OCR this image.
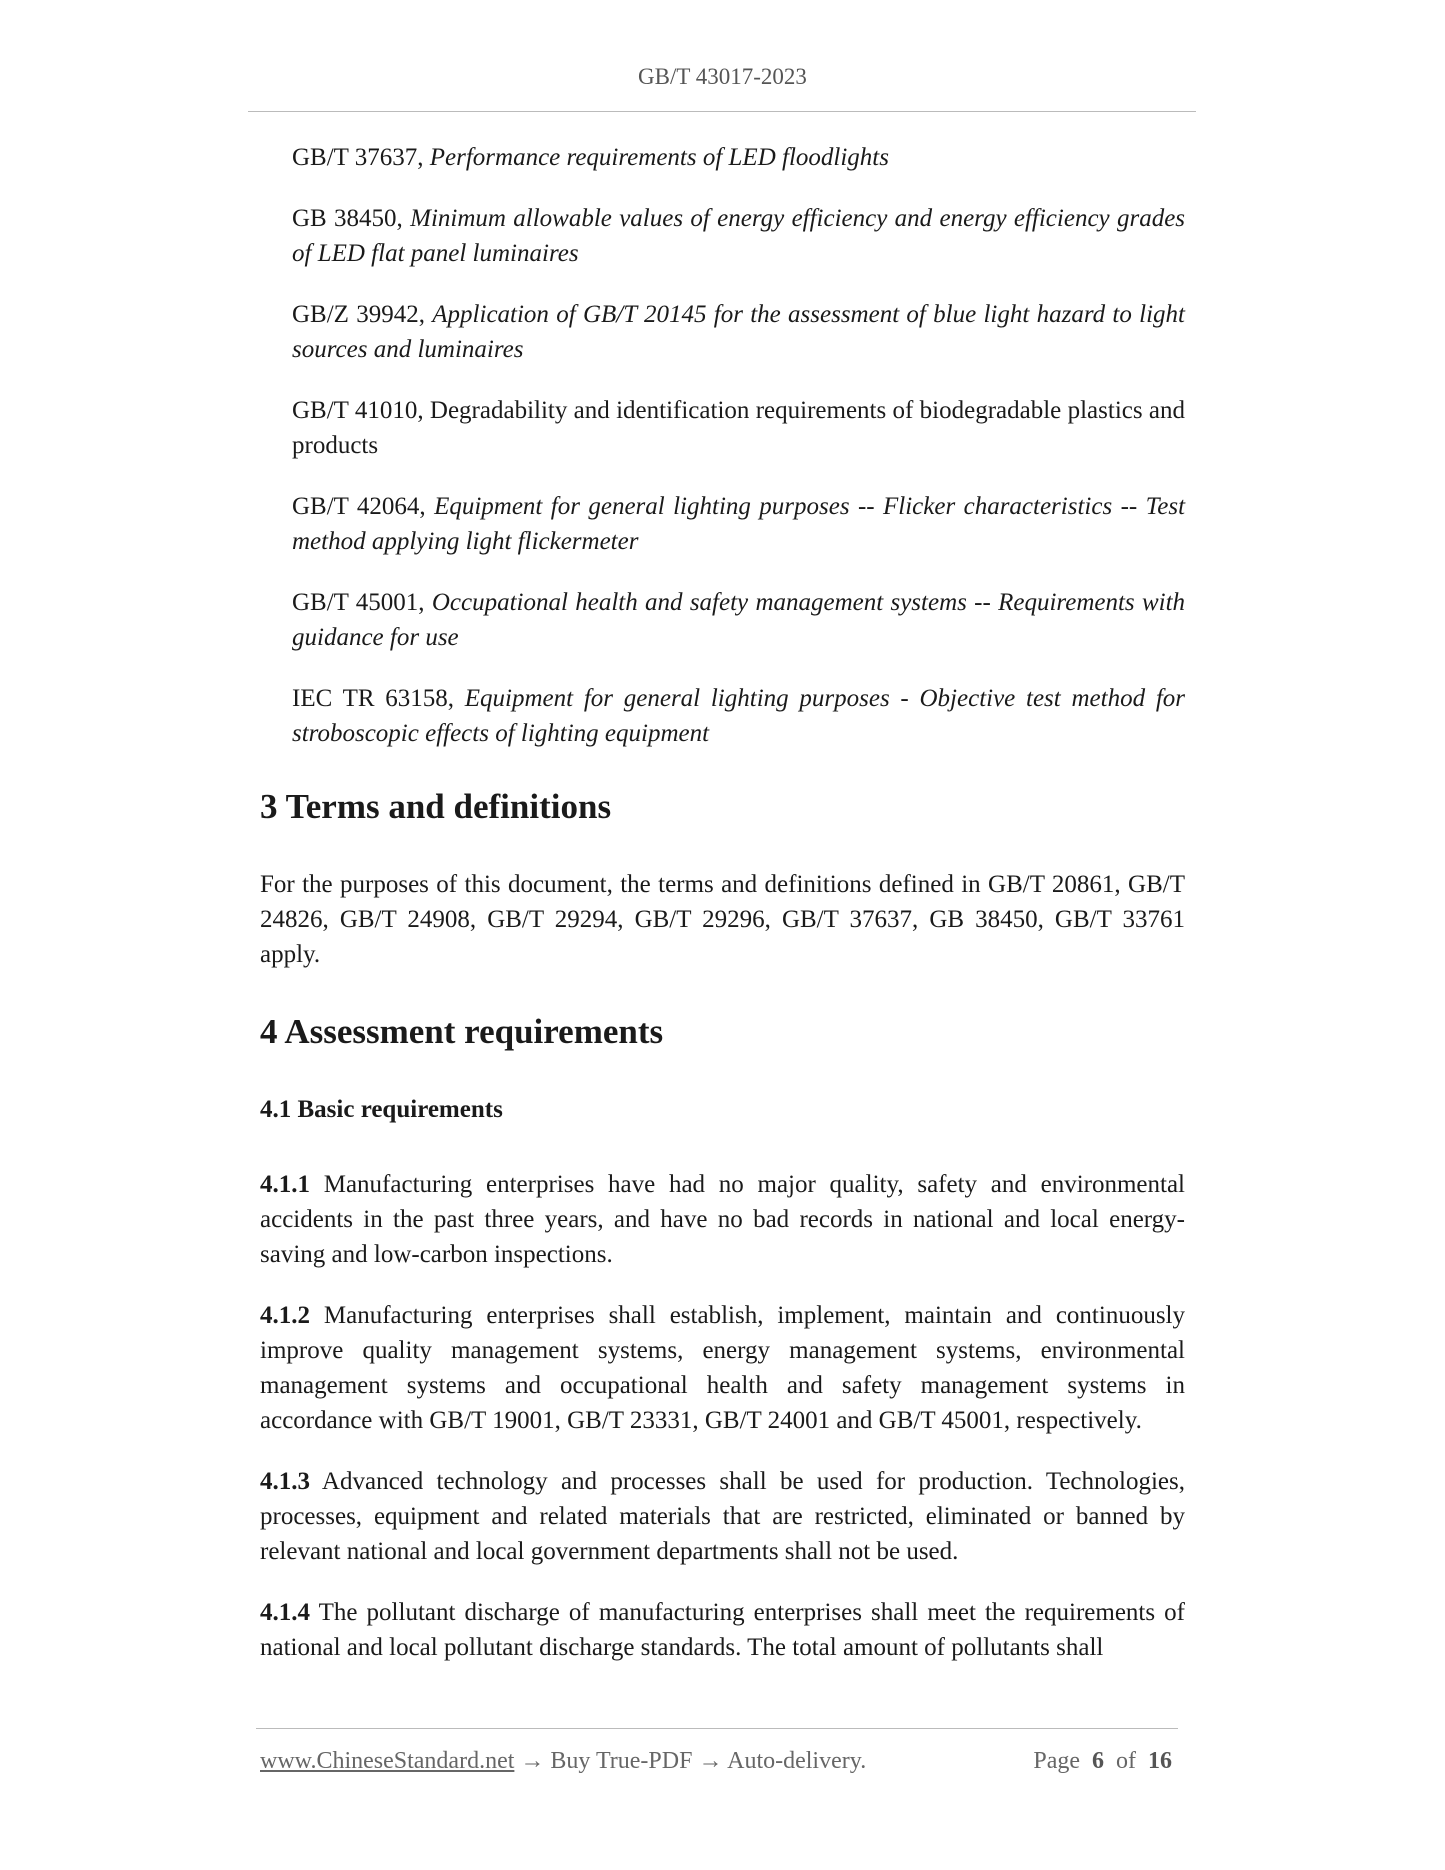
GB/T 43017-2023

GB/T 37637, Performance requirements of LED floodlights

GB 38450, Minimum allowable values of energy efficiency and energy efficiency grades of LED flat panel luminaires

GB/Z 39942, Application of GB/T 20145 for the assessment of blue light hazard to light sources and luminaires

GB/T 41010, Degradability and identification requirements of biodegradable plastics and products

GB/T 42064, Equipment for general lighting purposes -- Flicker characteristics -- Test method applying light flickermeter

GB/T 45001, Occupational health and safety management systems -- Requirements with guidance for use

IEC TR 63158, Equipment for general lighting purposes - Objective test method for stroboscopic effects of lighting equipment

3 Terms and definitions

For the purposes of this document, the terms and definitions defined in GB/T 20861, GB/T 24826, GB/T 24908, GB/T 29294, GB/T 29296, GB/T 37637, GB 38450, GB/T 33761 apply.

4 Assessment requirements
4.1 Basic requirements

4.1.1 Manufacturing enterprises have had no major quality, safety and environmental accidents in the past three years, and have no bad records in national and local energy-saving and low-carbon inspections.

4.1.2 Manufacturing enterprises shall establish, implement, maintain and continuously improve quality management systems, energy management systems, environmental management systems and occupational health and safety management systems in accordance with GB/T 19001, GB/T 23331, GB/T 24001 and GB/T 45001, respectively.

4.1.3 Advanced technology and processes shall be used for production. Technologies, processes, equipment and related materials that are restricted, eliminated or banned by relevant national and local government departments shall not be used.

4.1.4 The pollutant discharge of manufacturing enterprises shall meet the requirements of national and local pollutant discharge standards. The total amount of pollutants shall

www.ChineseStandard.net → Buy True-PDF → Auto-delivery.	Page 6 of 16
